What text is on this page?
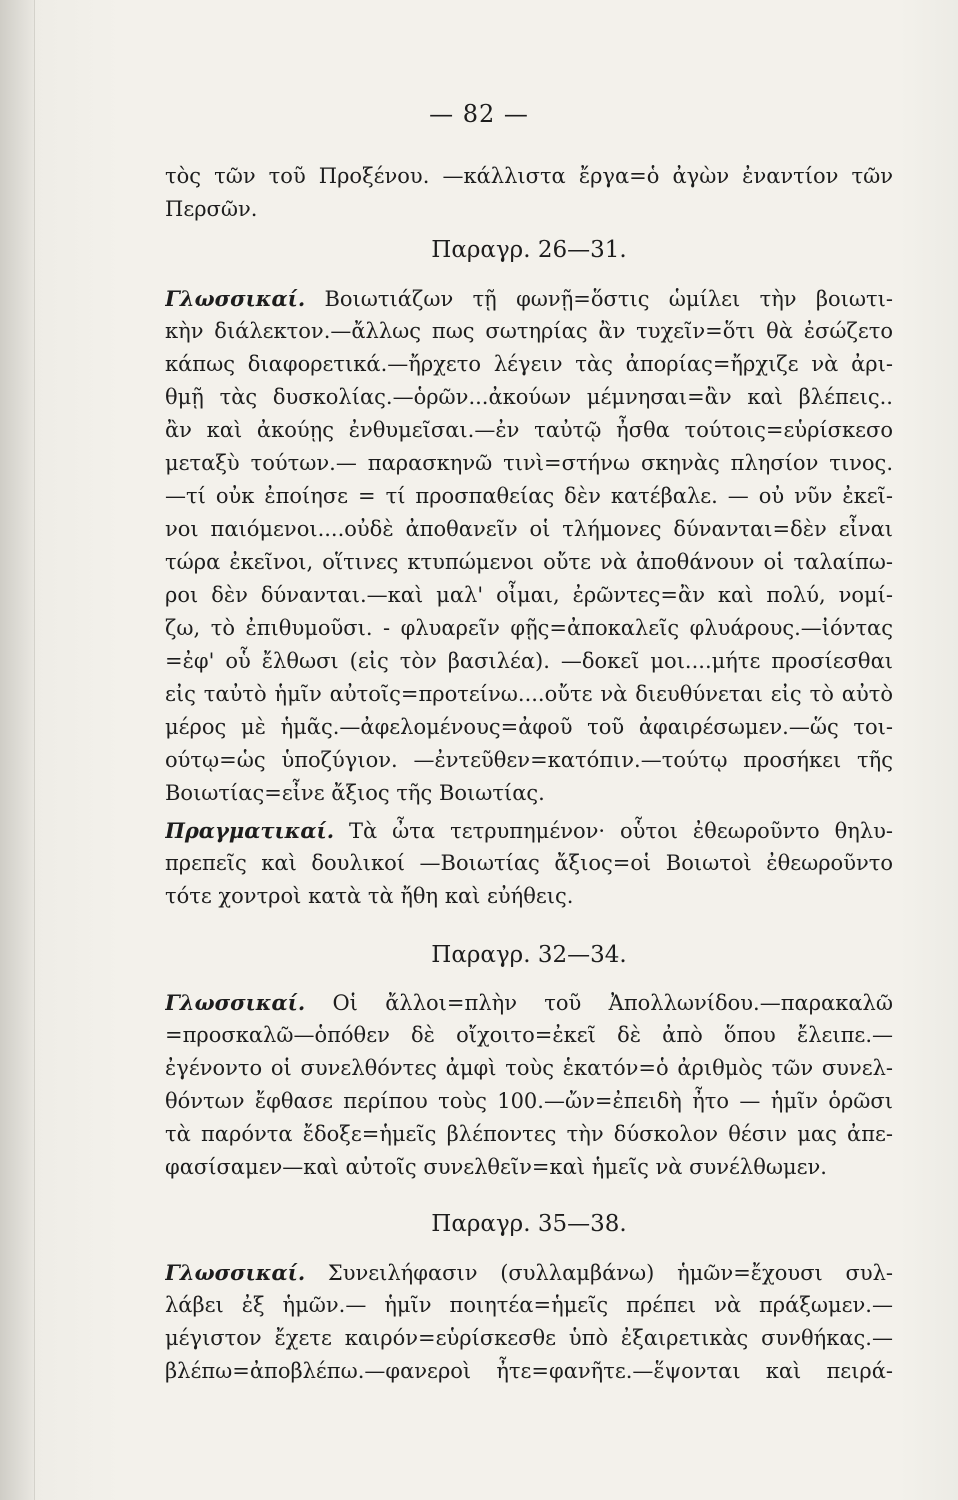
— 82 —
τὸς τῶν τοῦ Προξένου. —κάλλιστα ἔργα=ὁ ἀγὼν ἐναντίον τῶν
Περσῶν.
Παραγρ. 26—31.
Γλωσσικαί. Βοιωτιάζων τῇ φωνῇ=ὅστις ὡμίλει τὴν βοιωτι-
κὴν διάλεκτον.—ἄλλως πως σωτηρίας ἂν τυχεῖν=ὅτι θὰ ἐσώζετο
κάπως διαφορετικά.—ἤρχετο λέγειν τὰς ἀπορίας=ἤρχιζε νὰ ἀρι-
θμῇ τὰς δυσκολίας.—ὁρῶν...ἀκούων μέμνησαι=ἂν καὶ βλέπεις..
ἂν καὶ ἀκούῃς ἐνθυμεῖσαι.—ἐν ταὐτῷ ἦσθα τούτοις=εὑρίσκεσο
μεταξὺ τούτων.— παρασκηνῶ τινὶ=στήνω σκηνὰς πλησίον τινος.
—τί οὐκ ἐποίησε = τί προσπαθείας δὲν κατέβαλε. — οὐ νῦν ἐκεῖ-
νοι παιόμενοι....οὐδὲ ἀποθανεῖν οἱ τλήμονες δύνανται=δὲν εἶναι
τώρα ἐκεῖνοι, οἵτινες κτυπώμενοι οὔτε νὰ ἀποθάνουν οἱ ταλαίπω-
ροι δὲν δύνανται.—καὶ μαλ' οἶμαι, ἐρῶντες=ἂν καὶ πολύ, νομί-
ζω, τὸ ἐπιθυμοῦσι. - φλυαρεῖν φῇς=ἀποκαλεῖς φλυάρους.—ἰόντας
=ἐφ' οὗ ἔλθωσι (εἰς τὸν βασιλέα). —δοκεῖ μοι....μήτε προσίεσθαι
εἰς ταὐτὸ ἡμῖν αὐτοῖς=προτείνω....οὔτε νὰ διευθύνεται εἰς τὸ αὐτὸ
μέρος μὲ ἡμᾶς.—ἀφελομένους=ἀφοῦ τοῦ ἀφαιρέσωμεν.—ὥς τοι-
ούτῳ=ὡς ὑποζύγιον. —ἐντεῦθεν=κατόπιν.—τούτῳ προσήκει τῆς
Βοιωτίας=εἶνε ἄξιος τῆς Βοιωτίας.
Πραγματικαί. Τὰ ὦτα τετρυπημένον· οὗτοι ἐθεωροῦντο θηλυ-
πρεπεῖς καὶ δουλικοί —Βοιωτίας ἄξιος=οἱ Βοιωτοὶ ἐθεωροῦντο
τότε χοντροὶ κατὰ τὰ ἤθη καὶ εὐήθεις.
Παραγρ. 32—34.
Γλωσσικαί. Οἱ ἄλλοι=πλὴν τοῦ Ἀπολλωνίδου.—παρακαλῶ
=προσκαλῶ—ὁπόθεν δὲ οἴχοιτο=ἐκεῖ δὲ ἀπὸ ὅπου ἔλειπε.—
ἐγένοντο οἱ συνελθόντες ἀμφὶ τοὺς ἑκατόν=ὁ ἀριθμὸς τῶν συνελ-
θόντων ἔφθασε περίπου τοὺς 100.—ὤν=ἐπειδὴ ἦτο — ἡμῖν ὁρῶσι
τὰ παρόντα ἔδοξε=ἡμεῖς βλέποντες τὴν δύσκολον θέσιν μας ἀπε-
φασίσαμεν—καὶ αὐτοῖς συνελθεῖν=καὶ ἡμεῖς νὰ συνέλθωμεν.
Παραγρ. 35—38.
Γλωσσικαί. Συνειλήφασιν (συλλαμβάνω) ἡμῶν=ἔχουσι συλ-
λάβει ἐξ ἡμῶν.— ἡμῖν ποιητέα=ἡμεῖς πρέπει νὰ πράξωμεν.—
μέγιστον ἔχετε καιρόν=εὑρίσκεσθε ὑπὸ ἐξαιρετικὰς συνθήκας.—
βλέπω=ἀποβλέπω.—φανεροὶ ἦτε=φανῆτε.—ἕψονται καὶ πειρά-
